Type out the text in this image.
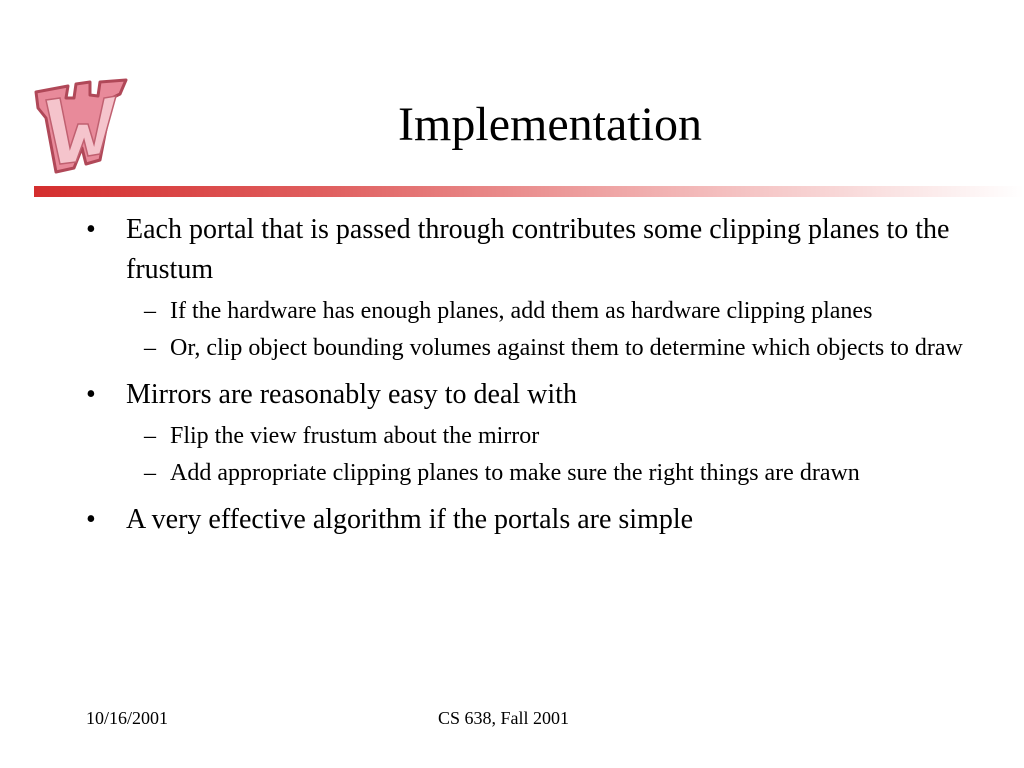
Implementation
• Each portal that is passed through contributes some clipping planes to the frustum
– If the hardware has enough planes, add them as hardware clipping planes
– Or, clip object bounding volumes against them to determine which objects to draw
• Mirrors are reasonably easy to deal with
– Flip the view frustum about the mirror
– Add appropriate clipping planes to make sure the right things are drawn
• A very effective algorithm if the portals are simple
10/16/2001	CS 638, Fall 2001
